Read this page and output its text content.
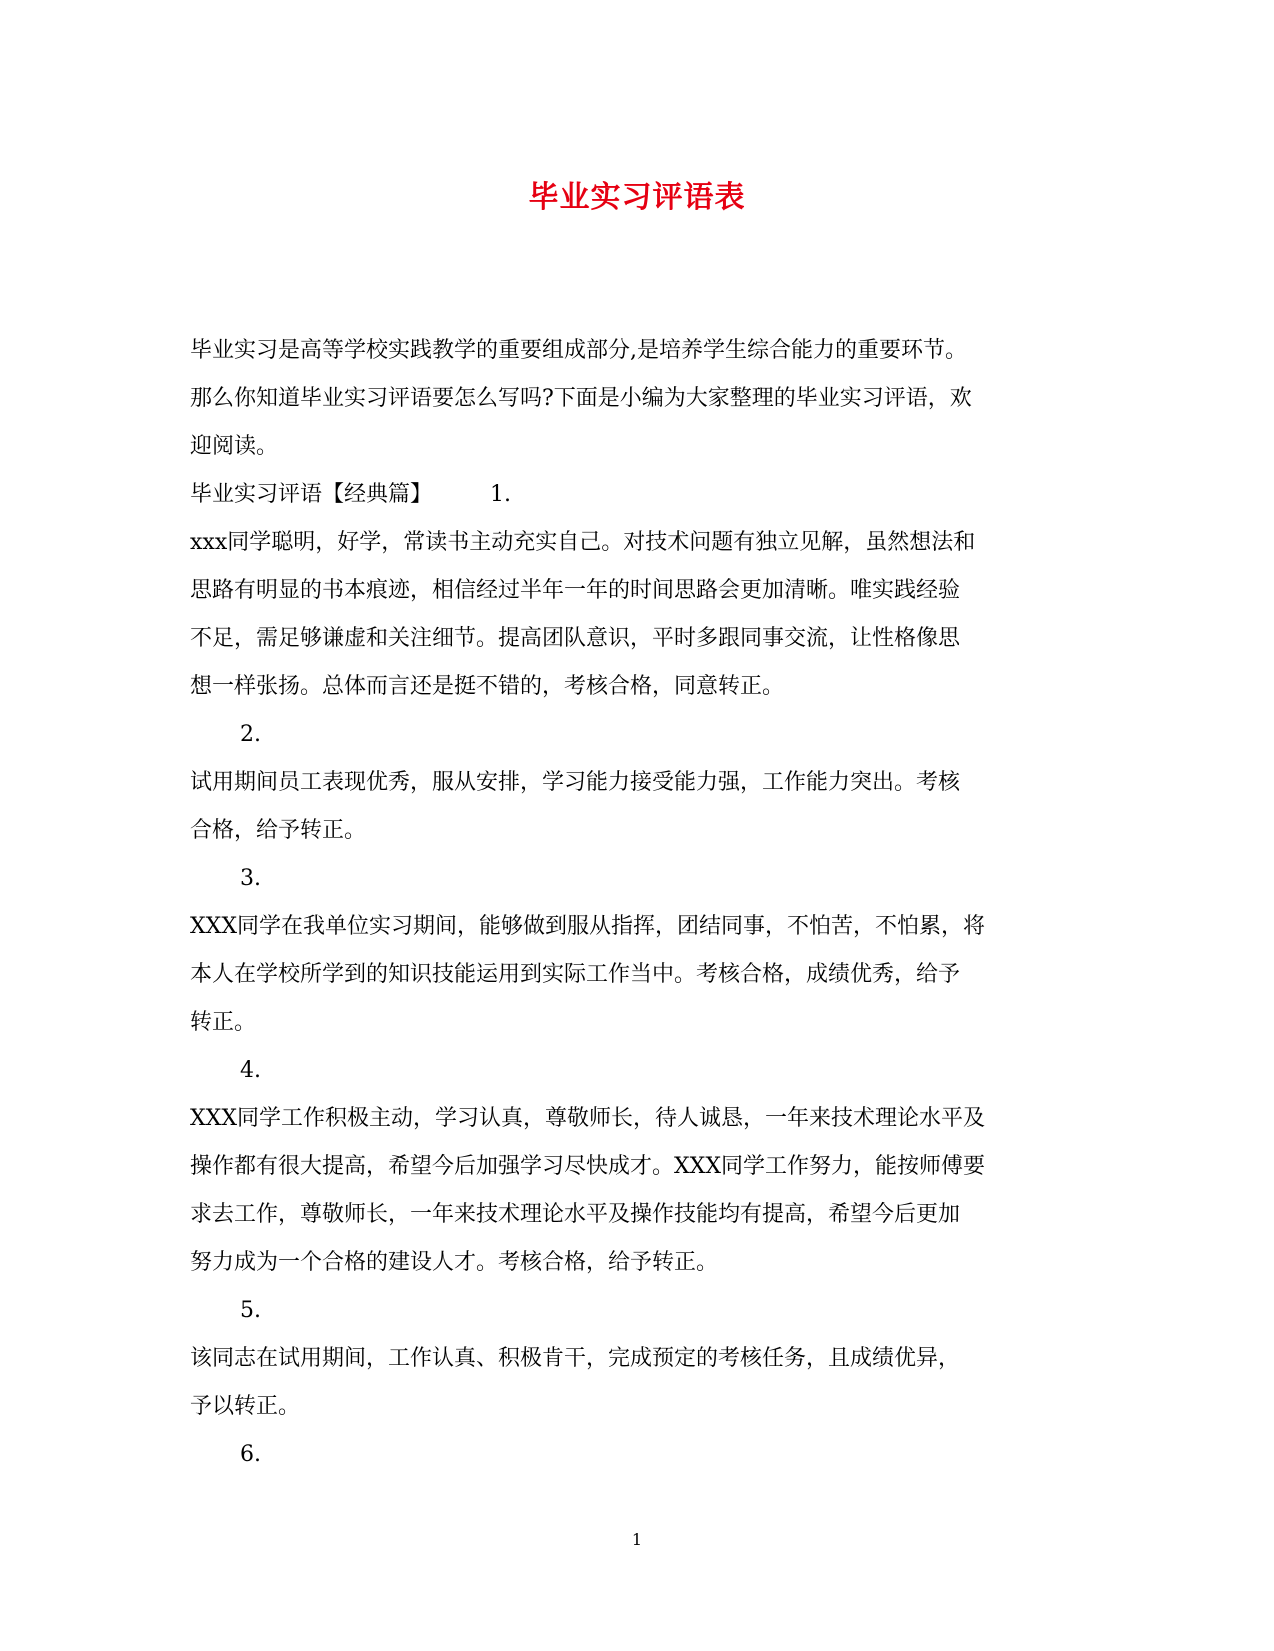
毕业实习评语表
毕业实习是高等学校实践教学的重要组成部分,是培养学生综合能力的重要环节。
那么你知道毕业实习评语要怎么写吗?下面是小编为大家整理的毕业实习评语，欢
迎阅读。
毕业实习评语【经典篇】	1.
xxx同学聪明，好学，常读书主动充实自己。对技术问题有独立见解，虽然想法和
思路有明显的书本痕迹，相信经过半年一年的时间思路会更加清晰。唯实践经验
不足，需足够谦虚和关注细节。提高团队意识，平时多跟同事交流，让性格像思
想一样张扬。总体而言还是挺不错的，考核合格，同意转正。
2.
试用期间员工表现优秀，服从安排，学习能力接受能力强，工作能力突出。考核
合格，给予转正。
3.
XXX同学在我单位实习期间，能够做到服从指挥，团结同事，不怕苦，不怕累，将
本人在学校所学到的知识技能运用到实际工作当中。考核合格，成绩优秀，给予
转正。
4.
XXX同学工作积极主动，学习认真，尊敬师长，待人诚恳，一年来技术理论水平及
操作都有很大提高，希望今后加强学习尽快成才。XXX同学工作努力，能按师傅要
求去工作，尊敬师长，一年来技术理论水平及操作技能均有提高，希望今后更加
努力成为一个合格的建设人才。考核合格，给予转正。
5.
该同志在试用期间，工作认真、积极肯干，完成预定的考核任务，且成绩优异，
予以转正。
6.
1
